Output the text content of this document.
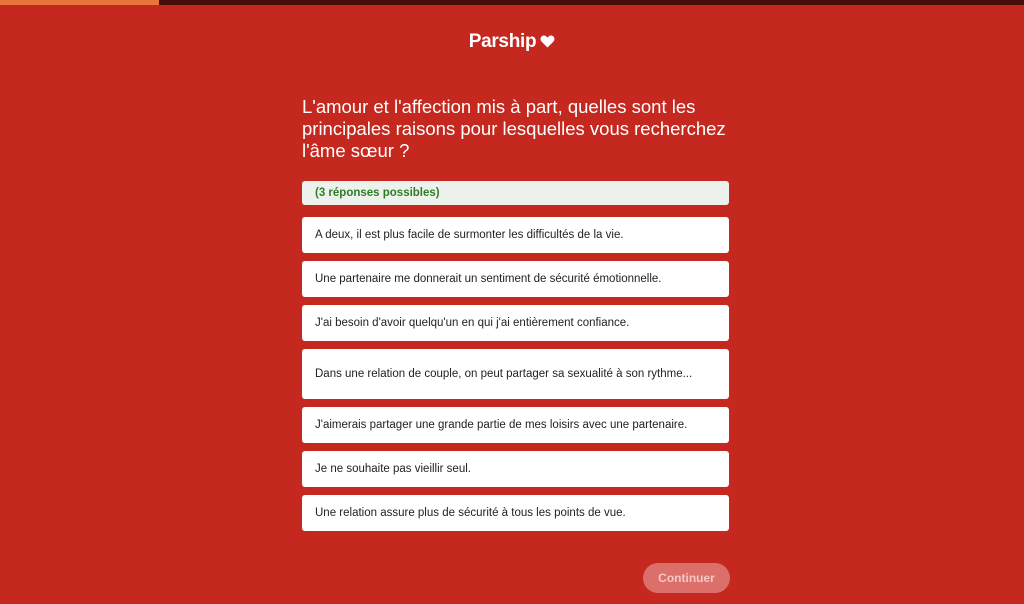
Parship
L'amour et l'affection mis à part, quelles sont les principales raisons pour lesquelles vous recherchez l'âme sœur ?
(3 réponses possibles)
A deux, il est plus facile de surmonter les difficultés de la vie.
Une partenaire me donnerait un sentiment de sécurité émotionnelle.
J'ai besoin d'avoir quelqu'un en qui j'ai entièrement confiance.
Dans une relation de couple, on peut partager sa sexualité à son rythme...
J'aimerais partager une grande partie de mes loisirs avec une partenaire.
Je ne souhaite pas vieillir seul.
Une relation assure plus de sécurité à tous les points de vue.
Continuer
